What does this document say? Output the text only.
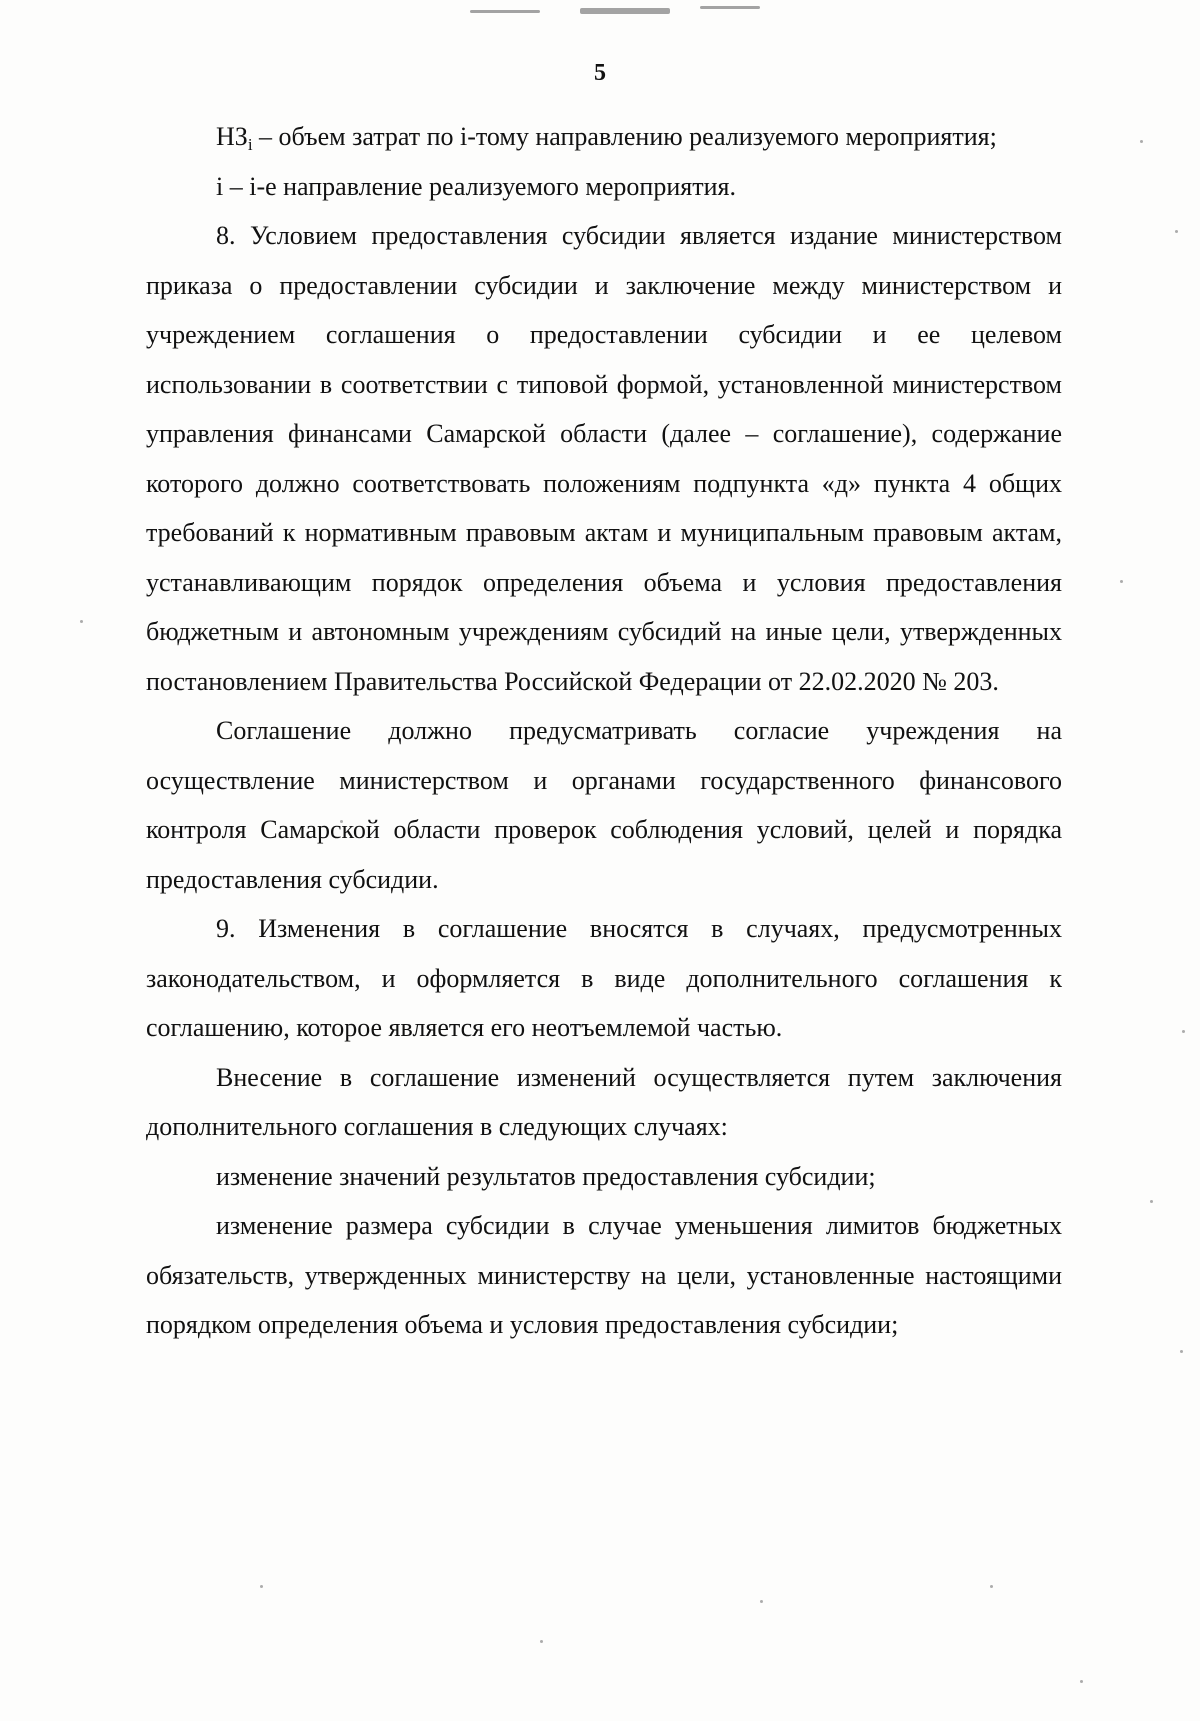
5

$НЗ_i$ – объем затрат по i-тому направлению реализуемого мероприятия;

i – i-е направление реализуемого мероприятия.

8. Условием предоставления субсидии является издание министерством приказа о предоставлении субсидии и заключение между министерством и учреждением соглашения о предоставлении субсидии и ее целевом использовании в соответствии с типовой формой, установленной министерством управления финансами Самарской области (далее – соглашение), содержание которого должно соответствовать положениям подпункта «д» пункта 4 общих требований к нормативным правовым актам и муниципальным правовым актам, устанавливающим порядок определения объема и условия предоставления бюджетным и автономным учреждениям субсидий на иные цели, утвержденных постановлением Правительства Российской Федерации от 22.02.2020 № 203.

Соглашение должно предусматривать согласие учреждения на осуществление министерством и органами государственного финансового контроля Самарской области проверок соблюдения условий, целей и порядка предоставления субсидии.

9. Изменения в соглашение вносятся в случаях, предусмотренных законодательством, и оформляется в виде дополнительного соглашения к соглашению, которое является его неотъемлемой частью.

Внесение в соглашение изменений осуществляется путем заключения дополнительного соглашения в следующих случаях:

изменение значений результатов предоставления субсидии;

изменение размера субсидии в случае уменьшения лимитов бюджетных обязательств, утвержденных министерству на цели, установленные настоящими порядком определения объема и условия предоставления субсидии;
